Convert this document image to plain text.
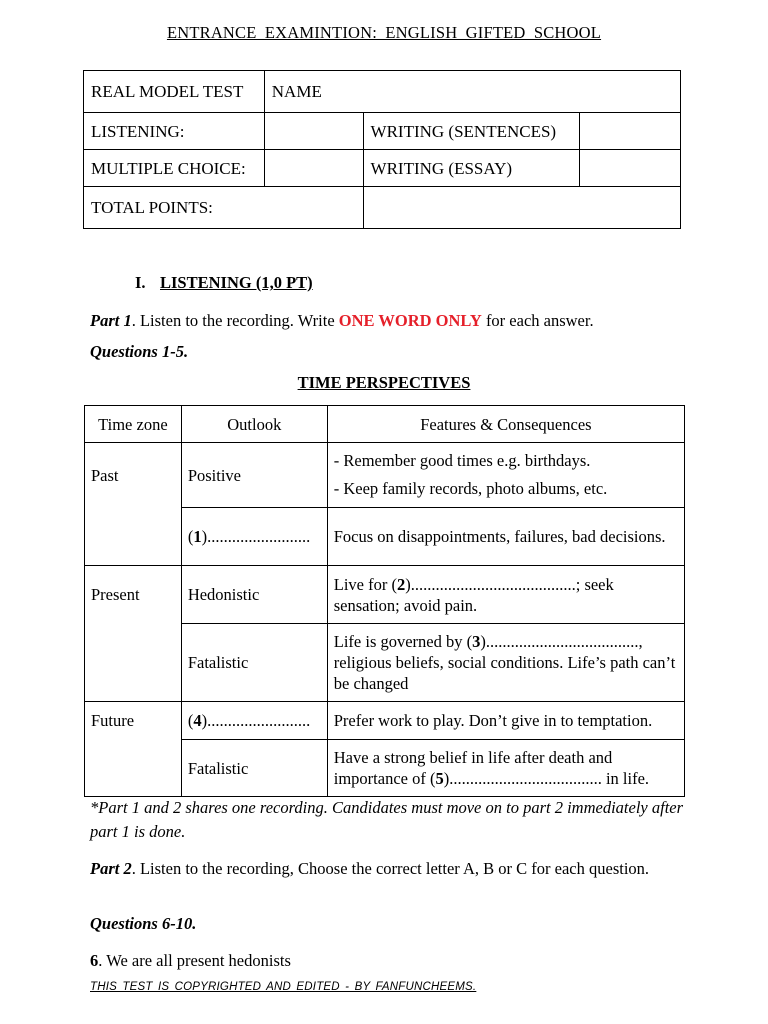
ENTRANCE EXAMINTION: ENGLISH GIFTED SCHOOL
REAL MODEL TEST	NAME		
LISTENING:		WRITING (SENTENCES)	
MULTIPLE CHOICE:		WRITING (ESSAY)	
TOTAL POINTS:			
I. LISTENING (1,0 PT)
Part 1. Listen to the recording. Write ONE WORD ONLY for each answer.
Questions 1-5.
TIME PERSPECTIVES
Time zone	Outlook	Features & Consequences
Past	Positive	- Remember good times e.g. birthdays.

- Keep family records, photo albums, etc.

	(1).........................	Focus on disappointments, failures, bad decisions.
Present	Hedonistic	Live for (2)........................................; seek sensation; avoid pain.
	Fatalistic	Life is governed by (3)....................................., religious beliefs, social conditions. Life’s path can’t be changed
Future	(4).........................	Prefer work to play. Don’t give in to temptation.
	Fatalistic	Have a strong belief in life after death and importance of (5)..................................... in life.
*Part 1 and 2 shares one recording. Candidates must move on to part 2 immediately after part 1 is done.
Part 2. Listen to the recording, Choose the correct letter A, B or C for each question.
Questions 6-10.
6. We are all present hedonists
THIS TEST IS COPYRIGHTED AND EDITED - BY FANFUNCHEEMS.
